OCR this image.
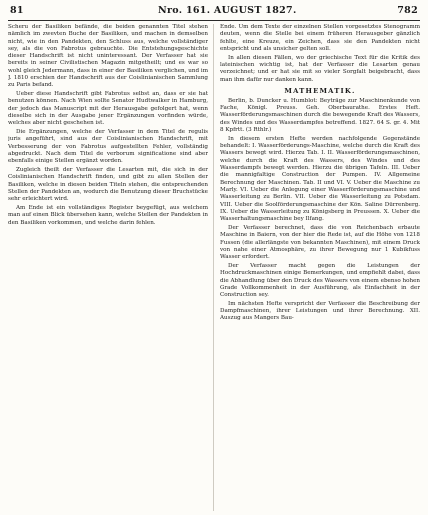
81	Nro. 161. AUGUST 1827.	782

Scheru der Basiliken befände, die beiden genannten Titel stehen nämlich im zwevten Buche der Basiliken, und machen in demselben nicht, wie in den Pandekten, den Schluss aus, welche vollständiger sey, als die von Fabrotus gebrauchte. Die Entstehungsgeschichte dieser Handschrift ist nicht uninteressant. Der Verfasser hat sie bereits in seiner Civilistischen Magazin mitgetheilt; und es war so wohl gleich Jedermann, dass in einer der Basiliken verglichen, und im J. 1810 erschien der Handschrift aus der Coislinianischen Sammlung zu Paris befand.

Ueber diese Handschrift gibt Fabrotus selbst an, dass er sie hat benutzen können. Nach Wien sollte Senator Hudtwalker in Hamburg, der jedoch das Manuscript mit der Herausgabe gefolgert hat, wenn dieselbe sich in der Ausgabe jener Ergänzungen vorfinden würde, welches aber nicht geschehen ist.

Die Ergänzungen, welche der Verfasser in dem Titel de regulis juris angeführt, sind aus der Coislinianischen Handschrift, mit Verbesserung der von Fabrotus aufgestellten Fehler, vollständig abgedruckt. Nach dem Titel de verborum significatione sind aber ebenfalls einige Stellen ergänzt worden.

Zugleich theilt der Verfasser die Lesarten mit, die sich in der Coislinianischen Handschrift finden, und gibt zu allen Stellen der Basiliken, welche in diesen beiden Titeln stehen, die entsprechenden Stellen der Pandekten an, wodurch die Benutzung dieser Bruchstücke sehr erleichtert wird.

Am Ende ist ein vollständiges Register beygefügt, aus welchem man auf einen Blick übersehen kann, welche Stellen der Pandekten in den Basiliken vorkommen, und welche darin fehlen.

Ende. Um dem Texte der einzelnen Stellen vorgesetztes Stenogramm deuten, wenn die Stelle bei einem früheren Herausgeber gänzlich fehlte, eine Kreuze, ein Zeichen, dass sie den Pandekten nicht entspricht und als unsicher gelten soll.

In allen diesen Fällen, wo der griechische Text für die Kritik des lateinischen wichtig ist, hat der Verfasser die Lesarten genau verzeichnet; und er hat sie mit so vieler Sorgfalt beigebracht, dass man ihm dafür nur danken kann.

MATHEMATIK.

Berlin, b. Duncker u. Humblot: Beyträge zur Maschinenkunde von Fache, Königl. Preuss. Geh. Oberbaurathe. Erstes Heft. Wasserförderungsmaschinen durch die bewegende Kraft des Wassers, des Windes und des Wasserdampfes betreffend. 1827. 64 S. gr. 4. Mit 8 Kpfrtt. (3 Rthlr.)

In diesem ersten Hefte werden nachfolgende Gegenstände behandelt: I. Wasserförderungs-Maschine, welche durch die Kraft des Wassers bewegt wird. Hierzu Tab. I. II. Wasserförderungsmaschinen, welche durch die Kraft des Wassers, des Windes und des Wasserdampfs bewegt werden. Hierzu die übrigen Tafeln. III. Ueber die mannigfaltige Construction der Pumpen. IV. Allgemeine Berechnung der Maschinen. Tab. II und VI. V. Ueber die Maschine zu Marly. VI. Ueber die Anlegung einer Wasserförderungsmaschine und Wasserleitung zu Berlin. VII. Ueber die Wasserleitung zu Potsdam. VIII. Ueber die Soolförderungsmaschine der Kön. Saline Dürrenberg. IX. Ueber die Wasserleitung zu Königsberg in Preussen. X. Ueber die Wasserhaltungsmaschine bey Ilfang.

Der Verfasser berechnet, dass die von Reichenbach erbaute Maschine in Baiern, von der hier die Rede ist, auf die Höhe von 1218 Fussen (die allerlängste von bekannten Maschinen), mit einem Druck von nahe einer Atmosphäre, zu ihrer Bewegung nur 1 Kubikfuss Wasser erfordert.

Der Verfasser macht gegen die Leistungen der Hochdruckmaschinen einige Bemerkungen, und empfiehlt dabei, dass die Abhandlung über den Druck des Wassers von einem ebenso hohen Grade Vollkommenheit in der Ausführung, als Einfachheit in der Construction sey.

Im nächsten Hefte verspricht der Verfasser die Beschreibung der Dampfmaschinen, ihrer Leistungen und ihrer Berechnung. XII. Auszug aus Mangers Bau-
